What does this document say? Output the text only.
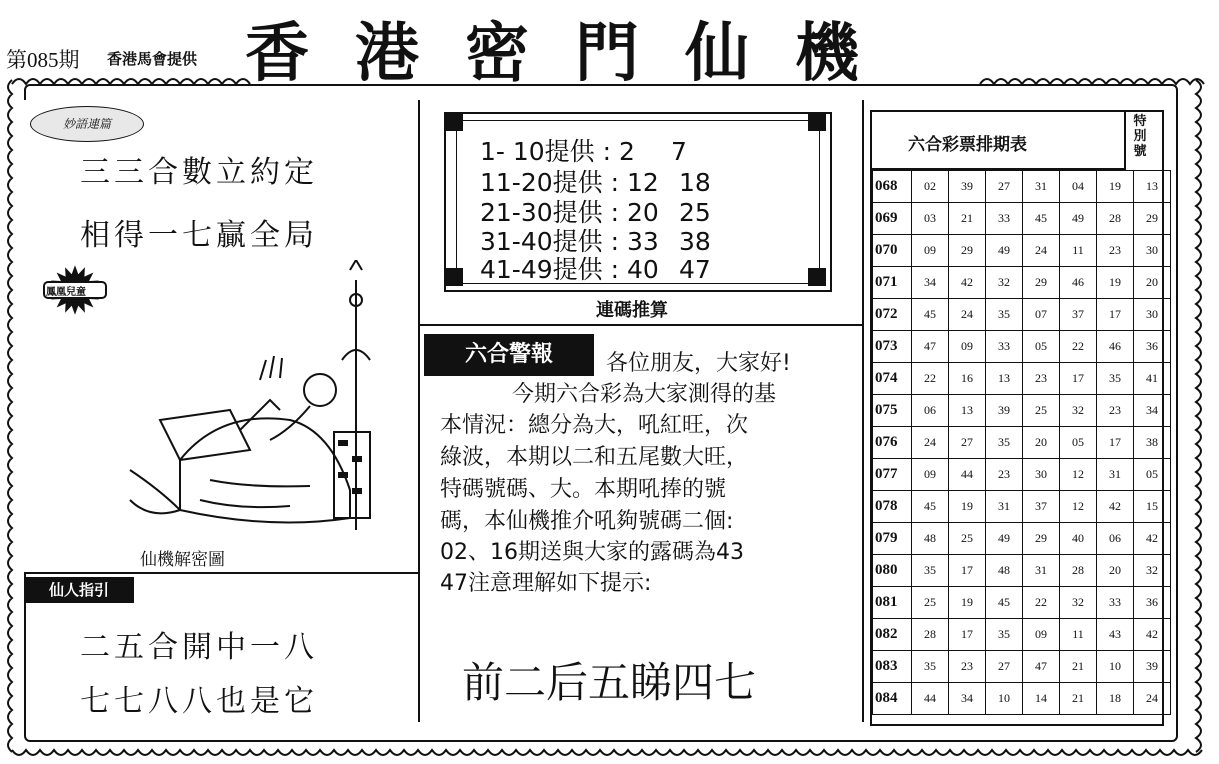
第085期 香港馬會提供 香港密門仙機
妙語連篇
三三合數立約定
相得一七贏全局
鳳凰兒童
仙機解密圖
仙人指引
二五合開中一八
七七八八也是它
1- 10提供 : 2 7
11-20提供 : 12 18
21-30提供 : 20 25
31-40提供 : 33 38
41-49提供 : 40 47
連碼推算
六合警報	各位朋友，大家好!
今期六合彩為大家測得的基
本情況：總分為大，吼紅旺，次
綠波，本期以二和五尾數大旺，
特碼號碼、大。本期吼捧的號
碼，本仙機推介吼夠號碼二個:
02、16期送與大家的露碼為43
47注意理解如下提示:
前二后五睇四七
六合彩票排期表
特別號
068	02	39	27	31	04	19	13
069	03	21	33	45	49	28	29
070	09	29	49	24	11	23	30
071	34	42	32	29	46	19	20
072	45	24	35	07	37	17	30
073	47	09	33	05	22	46	36
074	22	16	13	23	17	35	41
075	06	13	39	25	32	23	34
076	24	27	35	20	05	17	38
077	09	44	23	30	12	31	05
078	45	19	31	37	12	42	15
079	48	25	49	29	40	06	42
080	35	17	48	31	28	20	32
081	25	19	45	22	32	33	36
082	28	17	35	09	11	43	42
083	35	23	27	47	21	10	39
084	44	34	10	14	21	18	24
